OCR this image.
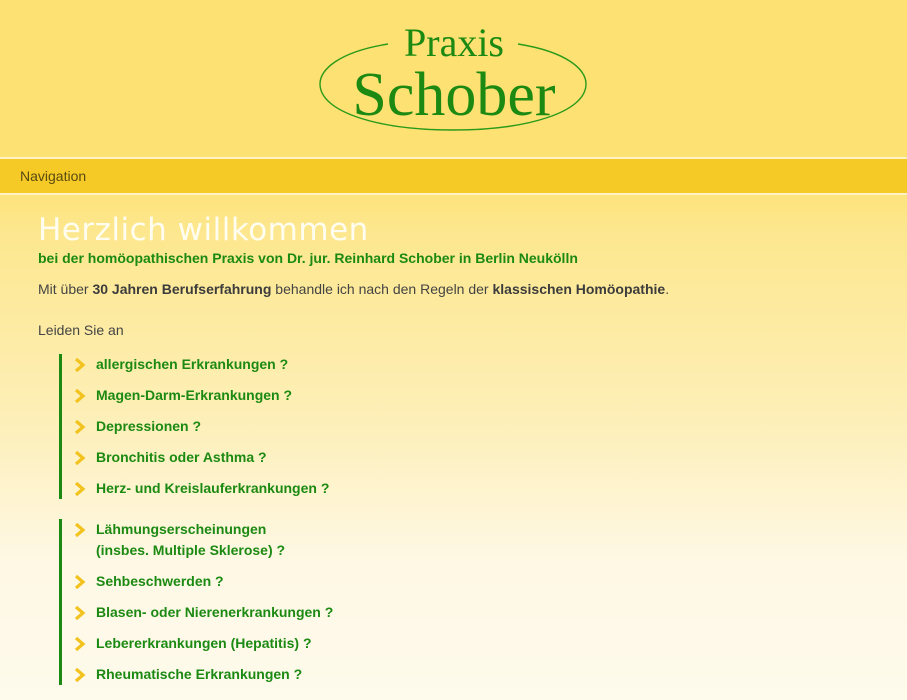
Praxis
Schober
Navigation
Herzlich willkommen

bei der homöopathischen Praxis von Dr. jur. Reinhard Schober in Berlin Neukölln

Mit über 30 Jahren Berufserfahrung behandle ich nach den Regeln der klassischen Homöopathie.

Leiden Sie an

allergischen Erkrankungen ?
Magen-Darm-Erkrankungen ?
Depressionen ?
Bronchitis oder Asthma ?
Herz- und Kreislauferkrankungen ?
Lähmungserscheinungen
(insbes. Multiple Sklerose) ?
Sehbeschwerden ?
Blasen- oder Nierenerkrankungen ?
Lebererkrankungen (Hepatitis) ?
Rheumatische Erkrankungen ?
